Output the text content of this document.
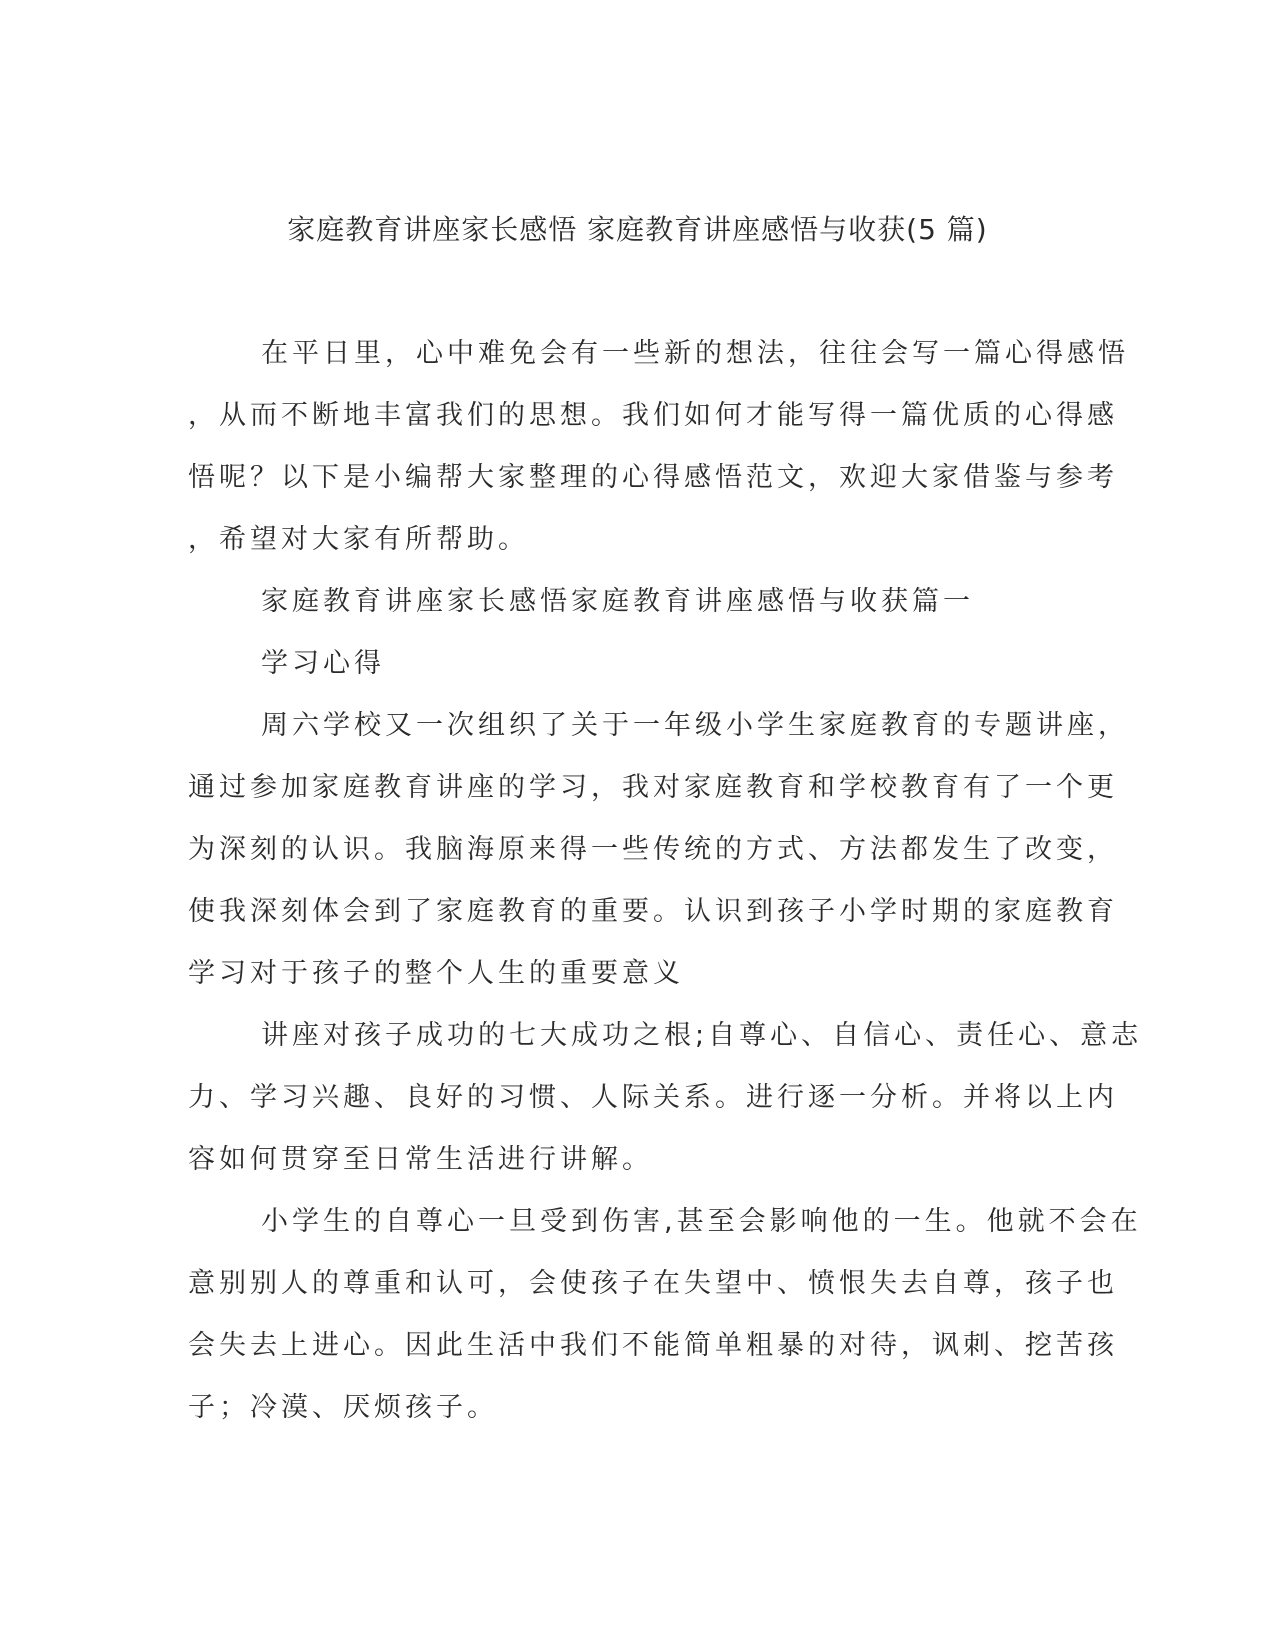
家庭教育讲座家长感悟 家庭教育讲座感悟与收获(5 篇)
在平日里，心中难免会有一些新的想法，往往会写一篇心得感悟
，从而不断地丰富我们的思想。我们如何才能写得一篇优质的心得感
悟呢？以下是小编帮大家整理的心得感悟范文，欢迎大家借鉴与参考
，希望对大家有所帮助。
家庭教育讲座家长感悟家庭教育讲座感悟与收获篇一
学习心得
周六学校又一次组织了关于一年级小学生家庭教育的专题讲座，
通过参加家庭教育讲座的学习，我对家庭教育和学校教育有了一个更
为深刻的认识。我脑海原来得一些传统的方式、方法都发生了改变，
使我深刻体会到了家庭教育的重要。认识到孩子小学时期的家庭教育
学习对于孩子的整个人生的重要意义
讲座对孩子成功的七大成功之根;自尊心、自信心、责任心、意志
力、学习兴趣、良好的习惯、人际关系。进行逐一分析。并将以上内
容如何贯穿至日常生活进行讲解。
小学生的自尊心一旦受到伤害,甚至会影响他的一生。他就不会在
意别别人的尊重和认可，会使孩子在失望中、愤恨失去自尊，孩子也
会失去上进心。因此生活中我们不能简单粗暴的对待，讽刺、挖苦孩
子；冷漠、厌烦孩子。
